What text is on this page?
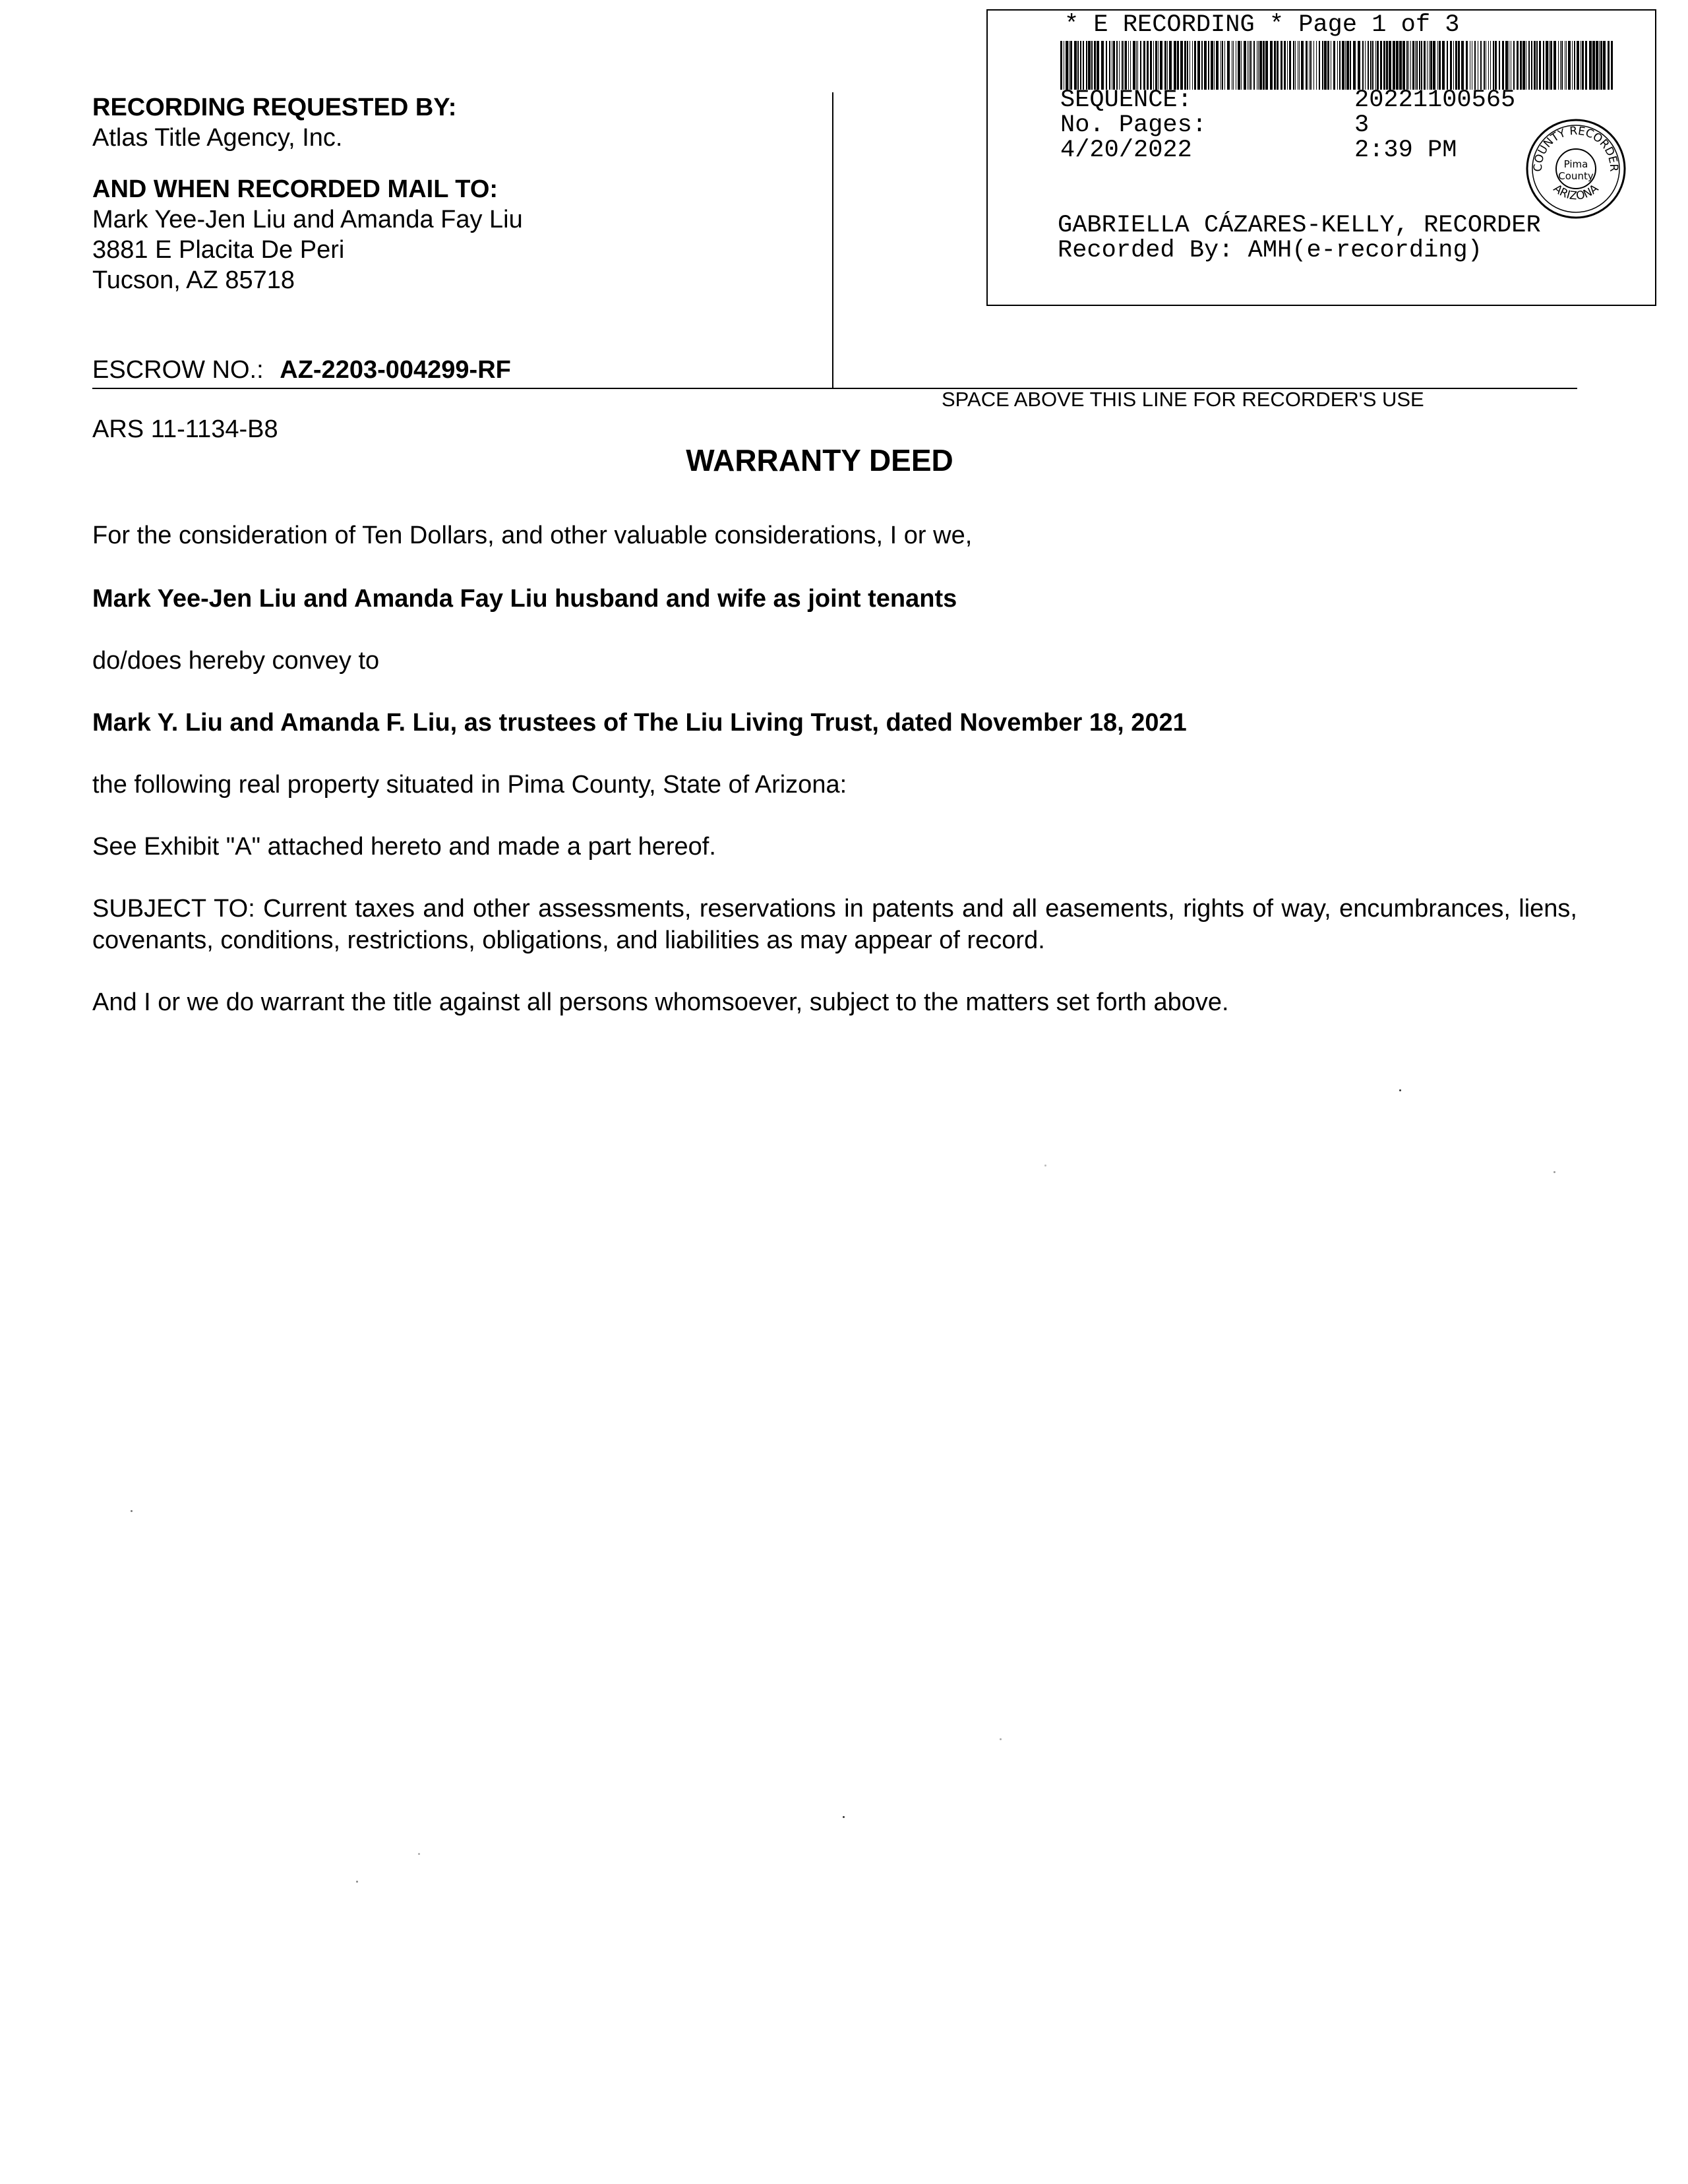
RECORDING REQUESTED BY:
Atlas Title Agency, Inc.
AND WHEN RECORDED MAIL TO:
Mark Yee-Jen Liu and Amanda Fay Liu
3881 E Placita De Peri
Tucson, AZ 85718
ESCROW NO.: AZ-2203-004299-RF
SPACE ABOVE THIS LINE FOR RECORDER'S USE
ARS 11-1134-B8
* E RECORDING * Page 1 of 3
SEQUENCE:	20221100565
No. Pages:	3
4/20/2022	2:39 PM
COUNTY RECORDER
ARIZONA
Pima
County
GABRIELLA CÁZARES-KELLY, RECORDER
Recorded By: AMH(e-recording)
WARRANTY DEED
For the consideration of Ten Dollars, and other valuable considerations, I or we,
Mark Yee-Jen Liu and Amanda Fay Liu husband and wife as joint tenants
do/does hereby convey to
Mark Y. Liu and Amanda F. Liu, as trustees of The Liu Living Trust, dated November 18, 2021
the following real property situated in Pima County, State of Arizona:
See Exhibit "A" attached hereto and made a part hereof.
SUBJECT TO: Current taxes and other assessments, reservations in patents and all easements, rights of way, encumbrances, liens, covenants, conditions, restrictions, obligations, and liabilities as may appear of record.
And I or we do warrant the title against all persons whomsoever, subject to the matters set forth above.
